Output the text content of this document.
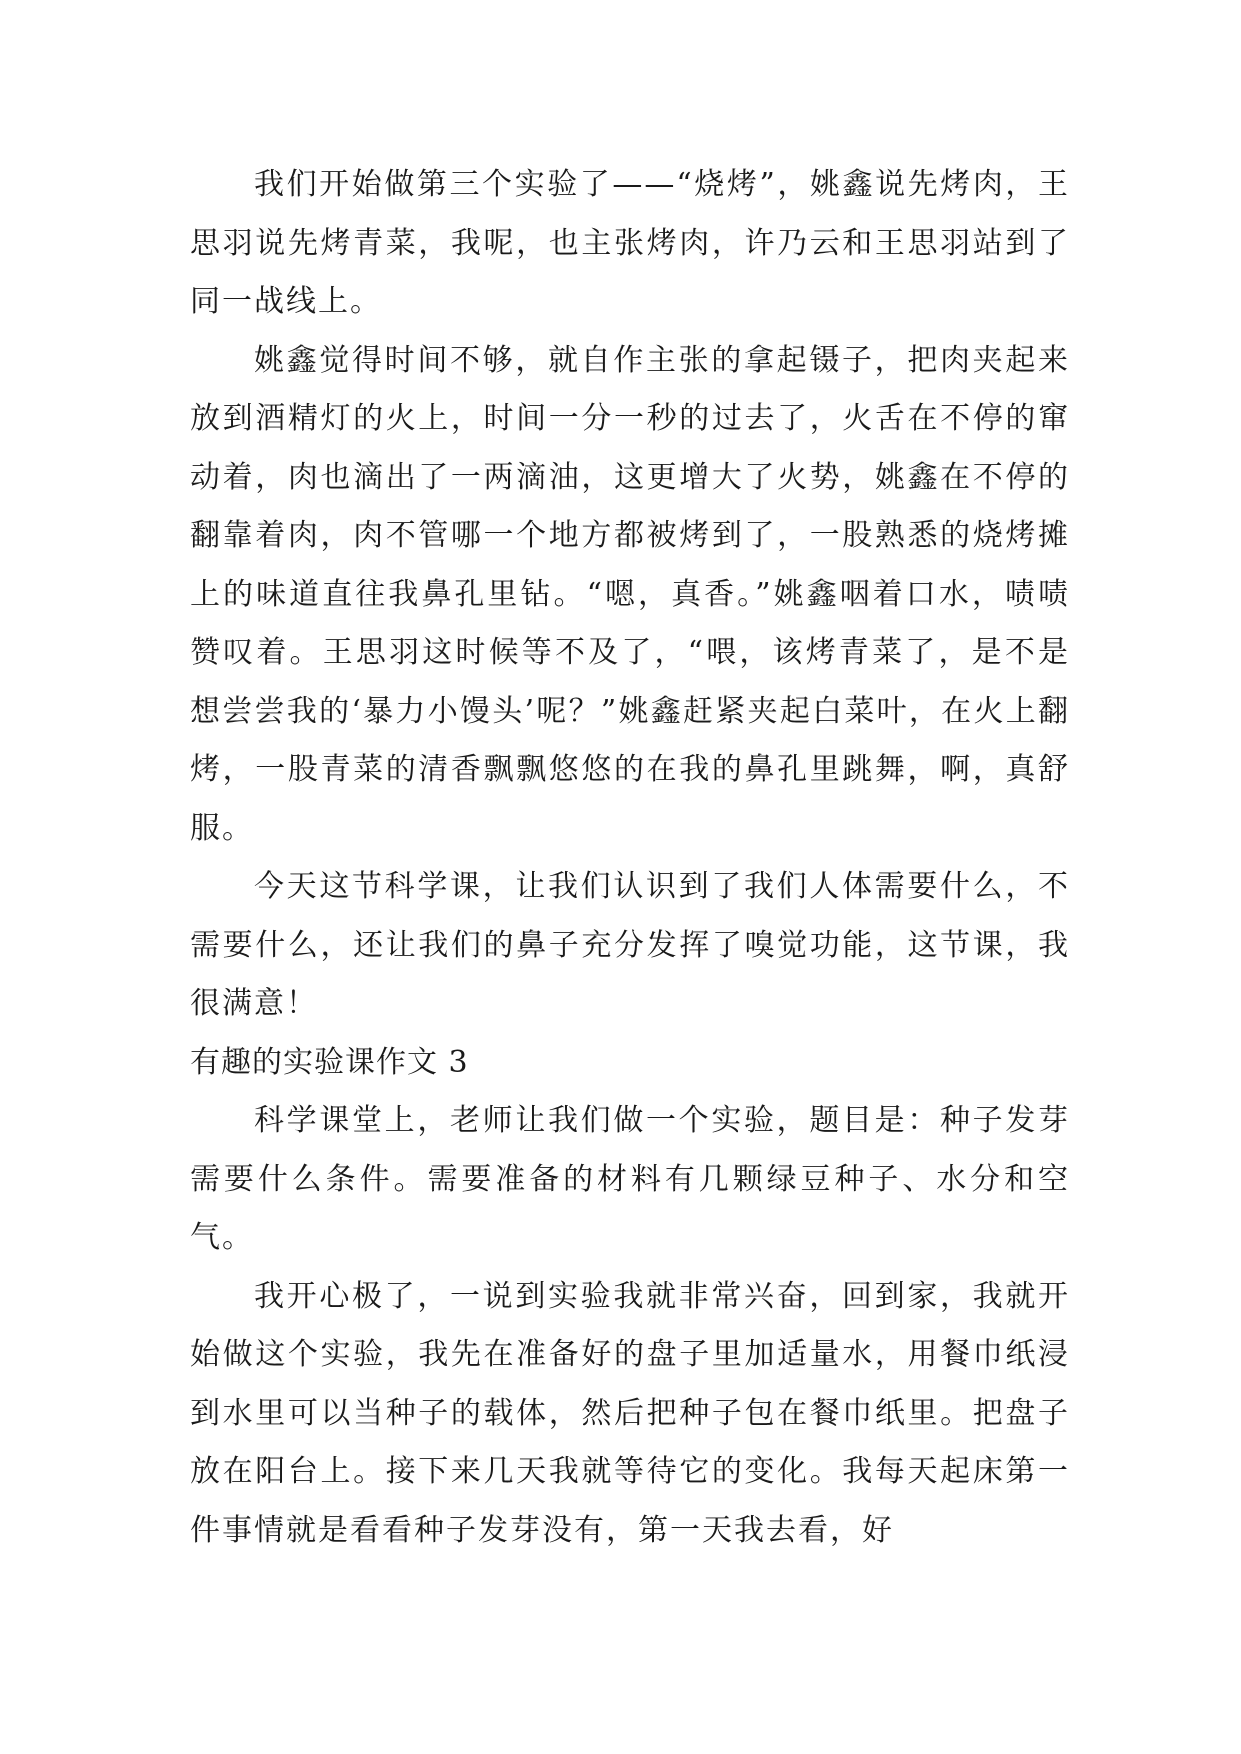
我们开始做第三个实验了——“烧烤”，姚鑫说先烤肉，王思羽说先烤青菜，我呢，也主张烤肉，许乃云和王思羽站到了同一战线上。

姚鑫觉得时间不够，就自作主张的拿起镊子，把肉夹起来放到酒精灯的火上，时间一分一秒的过去了，火舌在不停的窜动着，肉也滴出了一两滴油，这更增大了火势，姚鑫在不停的翻靠着肉，肉不管哪一个地方都被烤到了，一股熟悉的烧烤摊上的味道直往我鼻孔里钻。“嗯，真香。”姚鑫咽着口水，啧啧赞叹着。王思羽这时候等不及了，“喂，该烤青菜了，是不是想尝尝我的‘暴力小馒头’呢？”姚鑫赶紧夹起白菜叶，在火上翻烤，一股青菜的清香飘飘悠悠的在我的鼻孔里跳舞，啊，真舒服。

今天这节科学课，让我们认识到了我们人体需要什么，不需要什么，还让我们的鼻子充分发挥了嗅觉功能，这节课，我很满意！

有趣的实验课作文 3

科学课堂上，老师让我们做一个实验，题目是：种子发芽需要什么条件。需要准备的材料有几颗绿豆种子、水分和空气。

我开心极了，一说到实验我就非常兴奋，回到家，我就开始做这个实验，我先在准备好的盘子里加适量水，用餐巾纸浸到水里可以当种子的载体，然后把种子包在餐巾纸里。把盘子放在阳台上。接下来几天我就等待它的变化。我每天起床第一件事情就是看看种子发芽没有，第一天我去看，好
